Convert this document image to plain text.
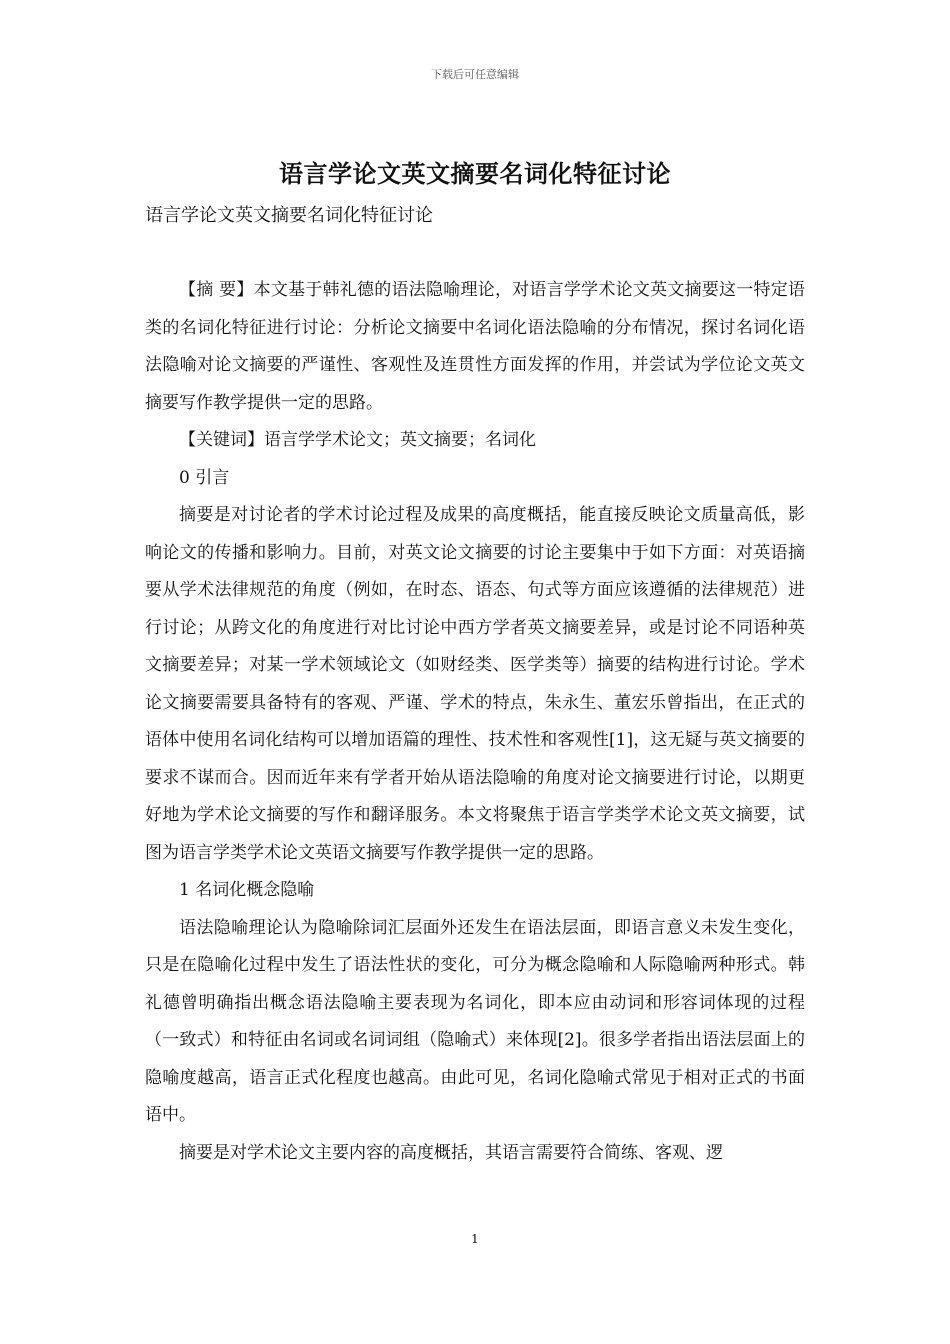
下载后可任意编辑
语言学论文英文摘要名词化特征讨论
语言学论文英文摘要名词化特征讨论

【摘 要】本文基于韩礼德的语法隐喻理论，对语言学学术论文英文摘要这一特定语类的名词化特征进行讨论：分析论文摘要中名词化语法隐喻的分布情况，探讨名词化语法隐喻对论文摘要的严谨性、客观性及连贯性方面发挥的作用，并尝试为学位论文英文摘要写作教学提供一定的思路。

【关键词】语言学学术论文；英文摘要；名词化

0 引言

摘要是对讨论者的学术讨论过程及成果的高度概括，能直接反映论文质量高低，影响论文的传播和影响力。目前，对英文论文摘要的讨论主要集中于如下方面：对英语摘要从学术法律规范的角度（例如，在时态、语态、句式等方面应该遵循的法律规范）进行讨论；从跨文化的角度进行对比讨论中西方学者英文摘要差异，或是讨论不同语种英文摘要差异；对某一学术领域论文（如财经类、医学类等）摘要的结构进行讨论。学术论文摘要需要具备特有的客观、严谨、学术的特点，朱永生、董宏乐曾指出，在正式的语体中使用名词化结构可以增加语篇的理性、技术性和客观性[1]，这无疑与英文摘要的要求不谋而合。因而近年来有学者开始从语法隐喻的角度对论文摘要进行讨论，以期更好地为学术论文摘要的写作和翻译服务。本文将聚焦于语言学类学术论文英文摘要，试图为语言学类学术论文英语文摘要写作教学提供一定的思路。

1 名词化概念隐喻

语法隐喻理论认为隐喻除词汇层面外还发生在语法层面，即语言意义未发生变化，只是在隐喻化过程中发生了语法性状的变化，可分为概念隐喻和人际隐喻两种形式。韩礼德曾明确指出概念语法隐喻主要表现为名词化，即本应由动词和形容词体现的过程（一致式）和特征由名词或名词词组（隐喻式）来体现[2]。很多学者指出语法层面上的隐喻度越高，语言正式化程度也越高。由此可见，名词化隐喻式常见于相对正式的书面语中。

摘要是对学术论文主要内容的高度概括，其语言需要符合简练、客观、逻

1
